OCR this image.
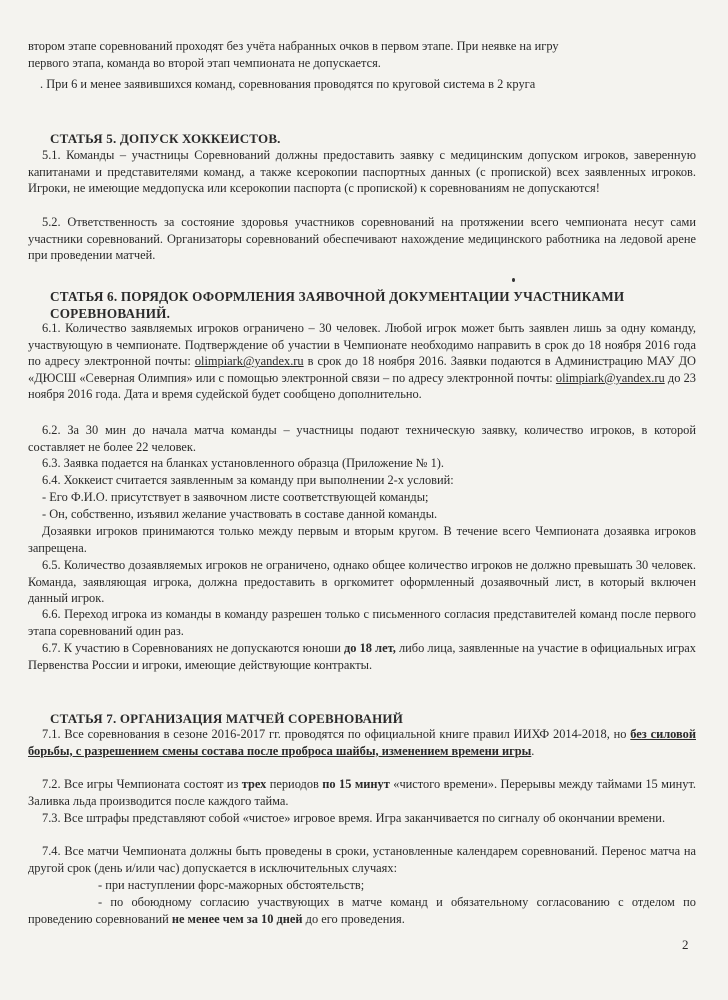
втором этапе соревнований проходят без учёта набранных очков в первом этапе. При неявке на игру

первого этапа, команда во второй этап чемпионата не допускается.

. При 6 и менее заявившихся команд, соревнования проводятся по круговой система в 2 круга

СТАТЬЯ 5. ДОПУСК ХОККЕИСТОВ.

5.1. Команды – участницы Соревнований должны предоставить заявку с медицинским допуском игроков, заверенную капитанами и представителями команд, а также ксерокопии паспортных данных (с пропиской) всех заявленных игроков. Игроки, не имеющие меддопуска или ксерокопии паспорта (с пропиской) к соревнованиям не допускаются!

5.2. Ответственность за состояние здоровья участников соревнований на протяжении всего чемпионата несут сами участники соревнований. Организаторы соревнований обеспечивают нахождение медицинского работника на ледовой арене при проведении матчей.

СТАТЬЯ 6. ПОРЯДОК ОФОРМЛЕНИЯ ЗАЯВОЧНОЙ ДОКУМЕНТАЦИИ УЧАСТНИКАМИ СОРЕВНОВАНИЙ.

6.1. Количество заявляемых игроков ограничено – 30 человек. Любой игрок может быть заявлен лишь за одну команду, участвующую в чемпионате. Подтверждение об участии в Чемпионате необходимо направить в срок до 18 ноября 2016 года по адресу электронной почты: olimpiark@yandex.ru в срок до 18 ноября 2016. Заявки подаются в Администрацию МАУ ДО «ДЮСШ «Северная Олимпия» или с помощью электронной связи – по адресу электронной почты: olimpiark@yandex.ru до 23 ноября 2016 года. Дата и время судейской будет сообщено дополнительно.

6.2. За 30 мин до начала матча команды – участницы подают техническую заявку, количество игроков, в которой составляет не более 22 человек.

6.3. Заявка подается на бланках установленного образца (Приложение № 1).

6.4. Хоккеист считается заявленным за команду при выполнении 2-х условий:

- Его Ф.И.О. присутствует в заявочном листе соответствующей команды;

- Он, собственно, изъявил желание участвовать в составе данной команды.

Дозаявки игроков принимаются только между первым и вторым кругом. В течение всего Чемпионата дозаявка игроков запрещена.

6.5. Количество дозаявляемых игроков не ограничено, однако общее количество игроков не должно превышать 30 человек. Команда, заявляющая игрока, должна предоставить в оргкомитет оформленный дозаявочный лист, в который включен данный игрок.

6.6. Переход игрока из команды в команду разрешен только с письменного согласия представителей команд после первого этапа соревнований один раз.

6.7. К участию в Соревнованиях не допускаются юноши до 18 лет, либо лица, заявленные на участие в официальных играх Первенства России и игроки, имеющие действующие контракты.

СТАТЬЯ 7. ОРГАНИЗАЦИЯ МАТЧЕЙ СОРЕВНОВАНИЙ

7.1. Все соревнования в сезоне 2016-2017 гг. проводятся по официальной книге правил ИИХФ 2014-2018, но без силовой борьбы, с разрешением смены состава после проброса шайбы, изменением времени игры.

7.2. Все игры Чемпионата состоят из трех периодов по 15 минут «чистого времени». Перерывы между таймами 15 минут. Заливка льда производится после каждого тайма.

7.3. Все штрафы представляют собой «чистое» игровое время. Игра заканчивается по сигналу об окончании времени.

7.4. Все матчи Чемпионата должны быть проведены в сроки, установленные календарем соревнований. Перенос матча на другой срок (день и/или час) допускается в исключительных случаях:

- при наступлении форс-мажорных обстоятельств;

- по обоюдному согласию участвующих в матче команд и обязательному согласованию с отделом по проведению соревнований не менее чем за 10 дней до его проведения.

2
